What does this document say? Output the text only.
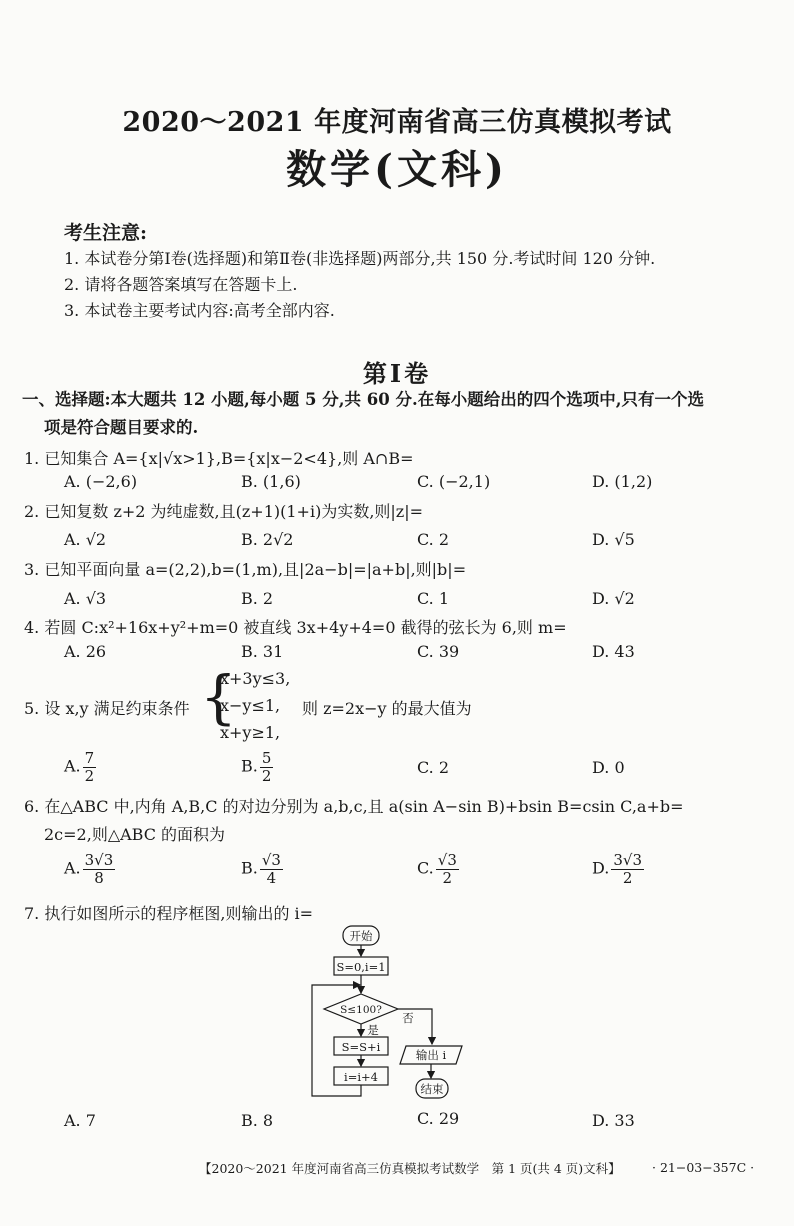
2020～2021 年度河南省高三仿真模拟考试
数学(文科)
考生注意:
1. 本试卷分第Ⅰ卷(选择题)和第Ⅱ卷(非选择题)两部分,共 150 分.考试时间 120 分钟.
2. 请将各题答案填写在答题卡上.
3. 本试卷主要考试内容:高考全部内容.
第Ⅰ卷
一、选择题:本大题共 12 小题,每小题 5 分,共 60 分.在每小题给出的四个选项中,只有一个选
项是符合题目要求的.
1. 已知集合 A={x|√x>1},B={x|x−2<4},则 A∩B=
A. (−2,6)	B. (1,6)	C. (−2,1)	D. (1,2)
2. 已知复数 z+2 为纯虚数,且(z+1)(1+i)为实数,则|z|=
A. √2	B. 2√2	C. 2	D. √5
3. 已知平面向量 a=(2,2),b=(1,m),且|2a−b|=|a+b|,则|b|=
A. √3	B. 2	C. 1	D. √2
4. 若圆 C:x²+16x+y²+m=0 被直线 3x+4y+4=0 截得的弦长为 6,则 m=
A. 26	B. 31	C. 39	D. 43
5. 设 x,y 满足约束条件 {
x+3y≤3,
x−y≤1,
x+y≥1,
则 z=2x−y 的最大值为
A. $\frac{7}{2}$	B. $\frac{5}{2}$	C. 2	D. 0
6. 在△ABC 中,内角 A,B,C 的对边分别为 a,b,c,且 a(sin A−sin B)+bsin B=csin C,a+b=
2c=2,则△ABC 的面积为
A. $\frac{3√3}{8}$	B. $\frac{√3}{4}$	C. $\frac{√3}{2}$	D. $\frac{3√3}{2}$
7. 执行如图所示的程序框图,则输出的 i=
开始
S=0,i=1
S≤100?
是
否
S=S+i
i=i+4
输出 i
结束
A. 7	B. 8	C. 29	D. 33
【2020～2021 年度河南省高三仿真模拟考试数学　第 1 页(共 4 页)文科】	· 21−03−357C ·
